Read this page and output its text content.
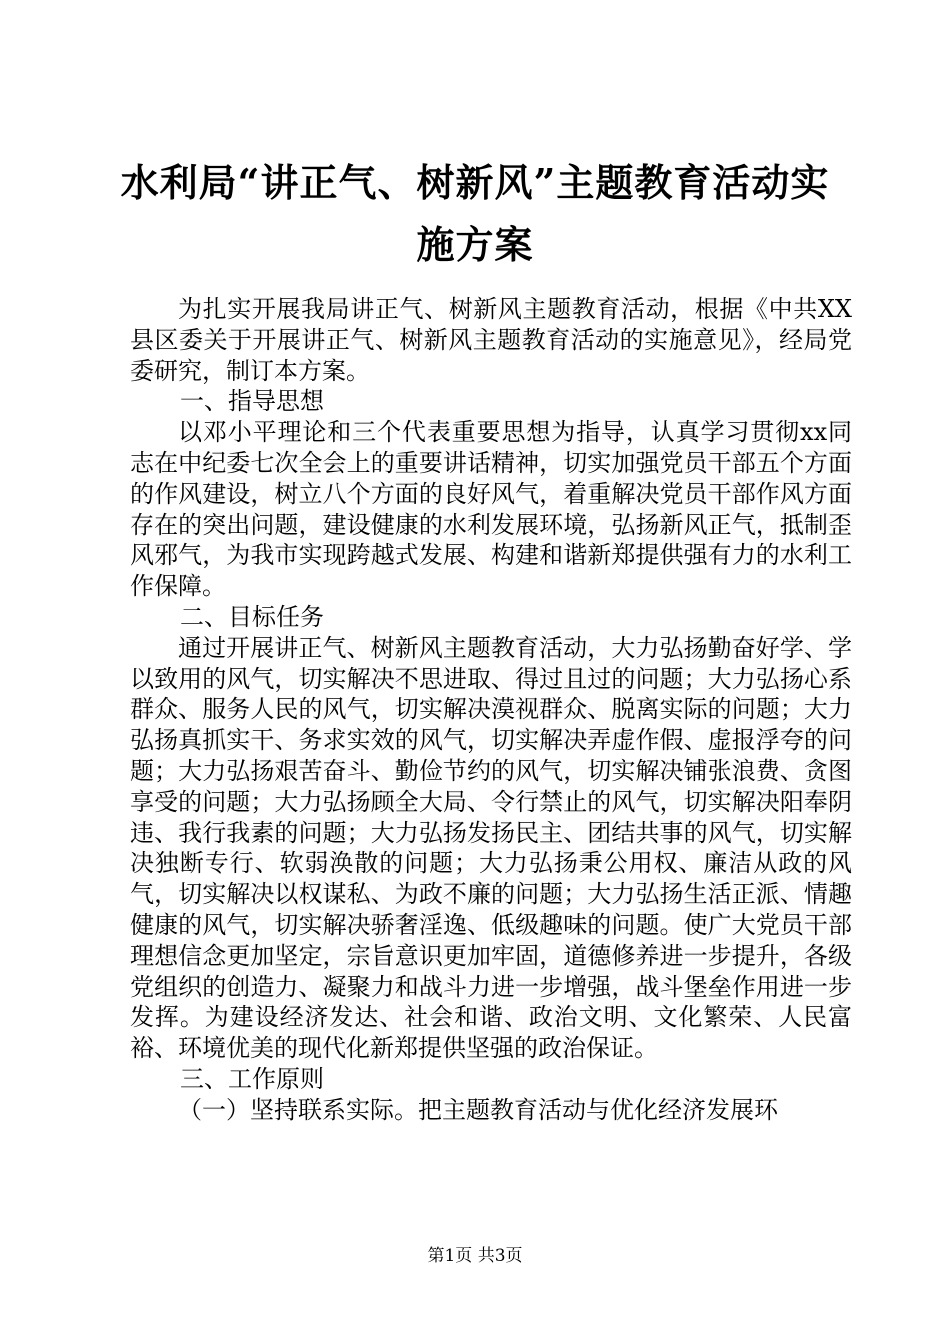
水利局“讲正气、树新风”主题教育活动实施方案

为扎实开展我局讲正气、树新风主题教育活动，根据《中共XX县区委关于开展讲正气、树新风主题教育活动的实施意见》，经局党委研究，制订本方案。

一、指导思想

以邓小平理论和三个代表重要思想为指导，认真学习贯彻xx同志在中纪委七次全会上的重要讲话精神，切实加强党员干部五个方面的作风建设，树立八个方面的良好风气，着重解决党员干部作风方面存在的突出问题，建设健康的水利发展环境，弘扬新风正气，抵制歪风邪气，为我市实现跨越式发展、构建和谐新郑提供强有力的水利工作保障。

二、目标任务

通过开展讲正气、树新风主题教育活动，大力弘扬勤奋好学、学以致用的风气，切实解决不思进取、得过且过的问题；大力弘扬心系群众、服务人民的风气，切实解决漠视群众、脱离实际的问题；大力弘扬真抓实干、务求实效的风气，切实解决弄虚作假、虚报浮夸的问题；大力弘扬艰苦奋斗、勤俭节约的风气，切实解决铺张浪费、贪图享受的问题；大力弘扬顾全大局、令行禁止的风气，切实解决阳奉阴违、我行我素的问题；大力弘扬发扬民主、团结共事的风气，切实解决独断专行、软弱涣散的问题；大力弘扬秉公用权、廉洁从政的风气，切实解决以权谋私、为政不廉的问题；大力弘扬生活正派、情趣健康的风气，切实解决骄奢淫逸、低级趣味的问题。使广大党员干部理想信念更加坚定，宗旨意识更加牢固，道德修养进一步提升，各级党组织的创造力、凝聚力和战斗力进一步增强，战斗堡垒作用进一步发挥。为建设经济发达、社会和谐、政治文明、文化繁荣、人民富裕、环境优美的现代化新郑提供坚强的政治保证。

三、工作原则

（一）坚持联系实际。把主题教育活动与优化经济发展环

第1页 共3页
